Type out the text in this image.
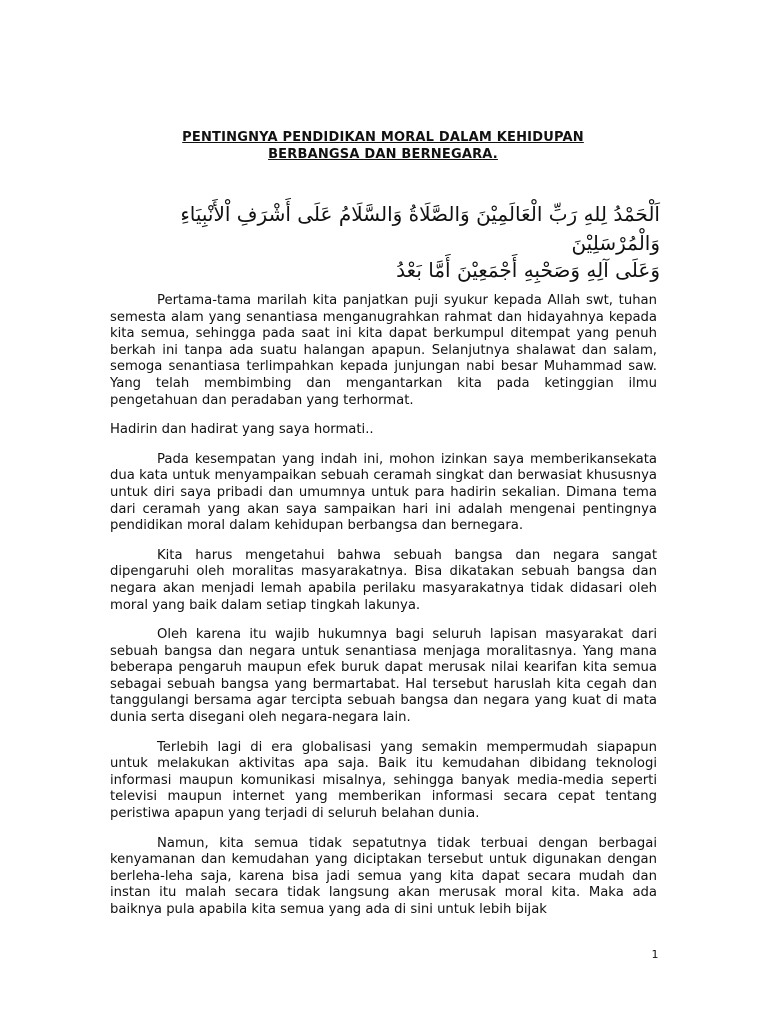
PENTINGNYA PENDIDIKAN MORAL DALAM KEHIDUPAN
BERBANGSA DAN BERNEGARA.
اَلْحَمْدُ لِلهِ رَبِّ الْعَالَمِيْنَ وَالصَّلَاةُ وَالسَّلَامُ عَلَى أَشْرَفِ اْلأَنْبِيَاءِ وَالْمُرْسَلِيْنَ
وَعَلَى آلِهِ وَصَحْبِهِ أَجْمَعِيْنَ أَمَّا بَعْدُ

Pertama-tama marilah kita panjatkan puji syukur kepada Allah swt, tuhan semesta alam yang senantiasa menganugrahkan rahmat dan hidayahnya kepada kita semua, sehingga pada saat ini kita dapat berkumpul ditempat yang penuh berkah ini tanpa ada suatu halangan apapun. Selanjutnya shalawat dan salam, semoga senantiasa terlimpahkan kepada junjungan nabi besar Muhammad saw. Yang telah membimbing dan mengantarkan kita pada ketinggian ilmu pengetahuan dan peradaban yang terhormat.

Hadirin dan hadirat yang saya hormati..

Pada kesempatan yang indah ini, mohon izinkan saya memberikansekata dua kata untuk menyampaikan sebuah ceramah singkat dan berwasiat khususnya untuk diri saya pribadi dan umumnya untuk para hadirin sekalian. Dimana tema dari ceramah yang akan saya sampaikan hari ini adalah mengenai pentingnya pendidikan moral dalam kehidupan berbangsa dan bernegara.

Kita harus mengetahui bahwa sebuah bangsa dan negara sangat dipengaruhi oleh moralitas masyarakatnya. Bisa dikatakan sebuah bangsa dan negara akan menjadi lemah apabila perilaku masyarakatnya tidak didasari oleh moral yang baik dalam setiap tingkah lakunya.

Oleh karena itu wajib hukumnya bagi seluruh lapisan masyarakat dari sebuah bangsa dan negara untuk senantiasa menjaga moralitasnya. Yang mana beberapa pengaruh maupun efek buruk dapat merusak nilai kearifan kita semua sebagai sebuah bangsa yang bermartabat. Hal tersebut haruslah kita cegah dan tanggulangi bersama agar tercipta sebuah bangsa dan negara yang kuat di mata dunia serta disegani oleh negara-negara lain.

Terlebih lagi di era globalisasi yang semakin mempermudah siapapun untuk melakukan aktivitas apa saja. Baik itu kemudahan dibidang teknologi informasi maupun komunikasi misalnya, sehingga banyak media-media seperti televisi maupun internet yang memberikan informasi secara cepat tentang peristiwa apapun yang terjadi di seluruh belahan dunia.

Namun, kita semua tidak sepatutnya tidak terbuai dengan berbagai kenyamanan dan kemudahan yang diciptakan tersebut untuk digunakan dengan berleha-leha saja, karena bisa jadi semua yang kita dapat secara mudah dan instan itu malah secara tidak langsung akan merusak moral kita. Maka ada baiknya pula apabila kita semua yang ada di sini untuk lebih bijak

1
